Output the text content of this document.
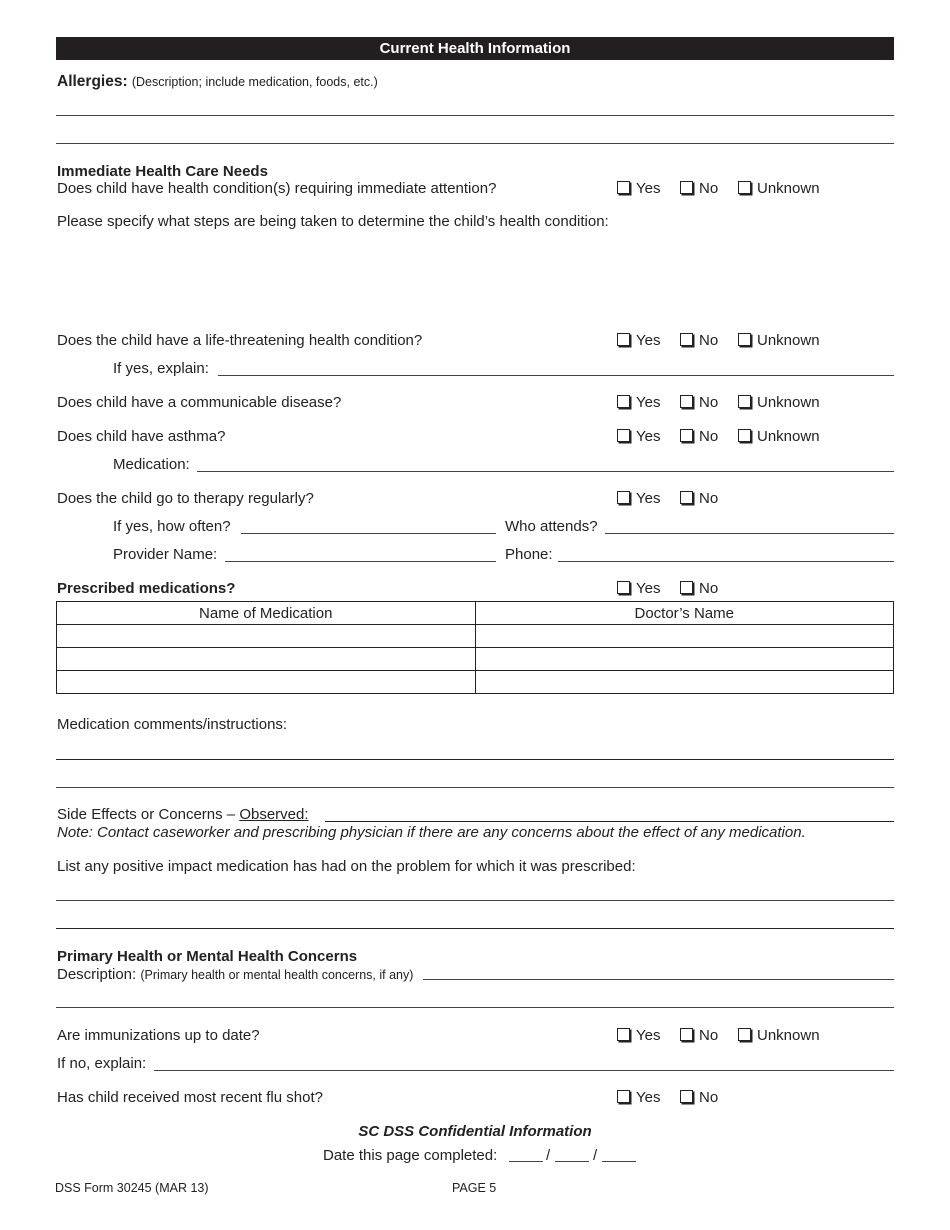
Current Health Information
Allergies: (Description; include medication, foods, etc.)
Immediate Health Care Needs
Does child have health condition(s) requiring immediate attention?	Yes	No	Unknown
Please specify what steps are being taken to determine the child’s health condition:
Does the child have a life-threatening health condition?	Yes	No	Unknown
If yes, explain:
Does child have a communicable disease?	Yes	No	Unknown
Does child have asthma?	Yes	No	Unknown
Medication:
Does the child go to therapy regularly?	Yes	No
If yes, how often?	Who attends?
Provider Name:	Phone:
Prescribed medications?	Yes	No
Name of Medication	Doctor’s Name

Medication comments/instructions:
Side Effects or Concerns – Observed:
Note: Contact caseworker and prescribing physician if there are any concerns about the effect of any medication.
List any positive impact medication has had on the problem for which it was prescribed:
Primary Health or Mental Health Concerns
Description: (Primary health or mental health concerns, if any)
Are immunizations up to date?	Yes	No	Unknown
If no, explain:
Has child received most recent flu shot?	Yes	No
SC DSS Confidential Information
Date this page completed:	/	/
DSS Form 30245 (MAR 13)	PAGE 5
